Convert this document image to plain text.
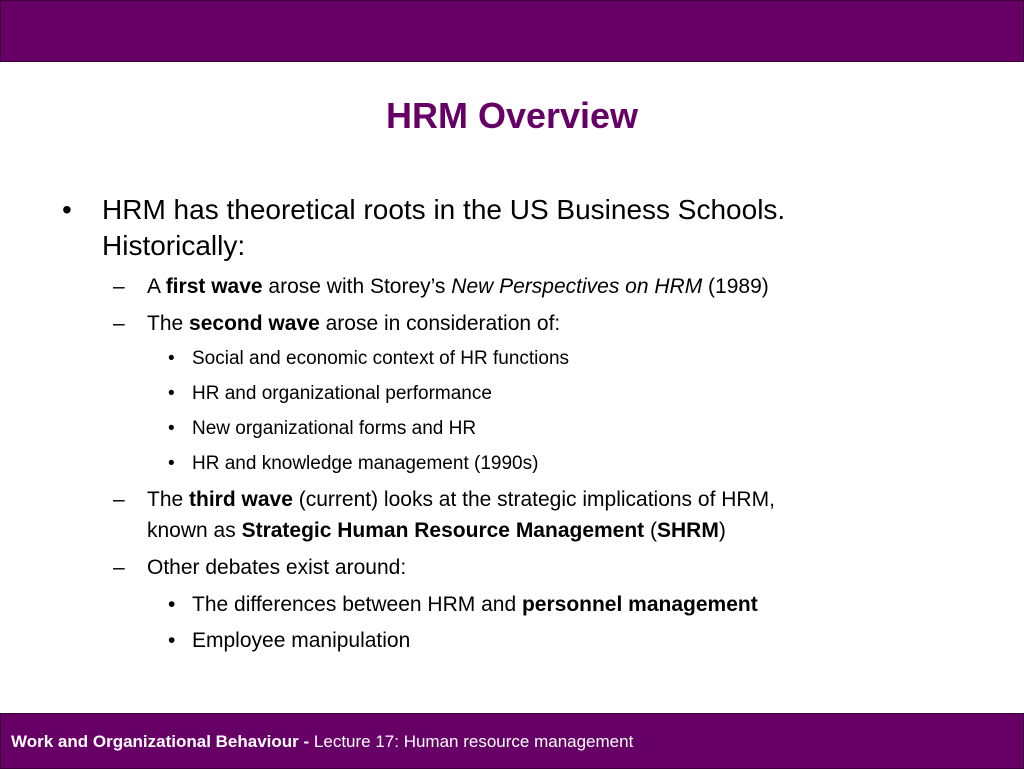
HRM Overview
• HRM has theoretical roots in the US Business Schools.
Historically:
– A first wave arose with Storey’s New Perspectives on HRM (1989)
– The second wave arose in consideration of:
• Social and economic context of HR functions
• HR and organizational performance
• New organizational forms and HR
• HR and knowledge management (1990s)
– The third wave (current) looks at the strategic implications of HRM,
known as Strategic Human Resource Management (SHRM)
– Other debates exist around:
• The differences between HRM and personnel management
• Employee manipulation
Work and Organizational Behaviour - Lecture 17: Human resource management
